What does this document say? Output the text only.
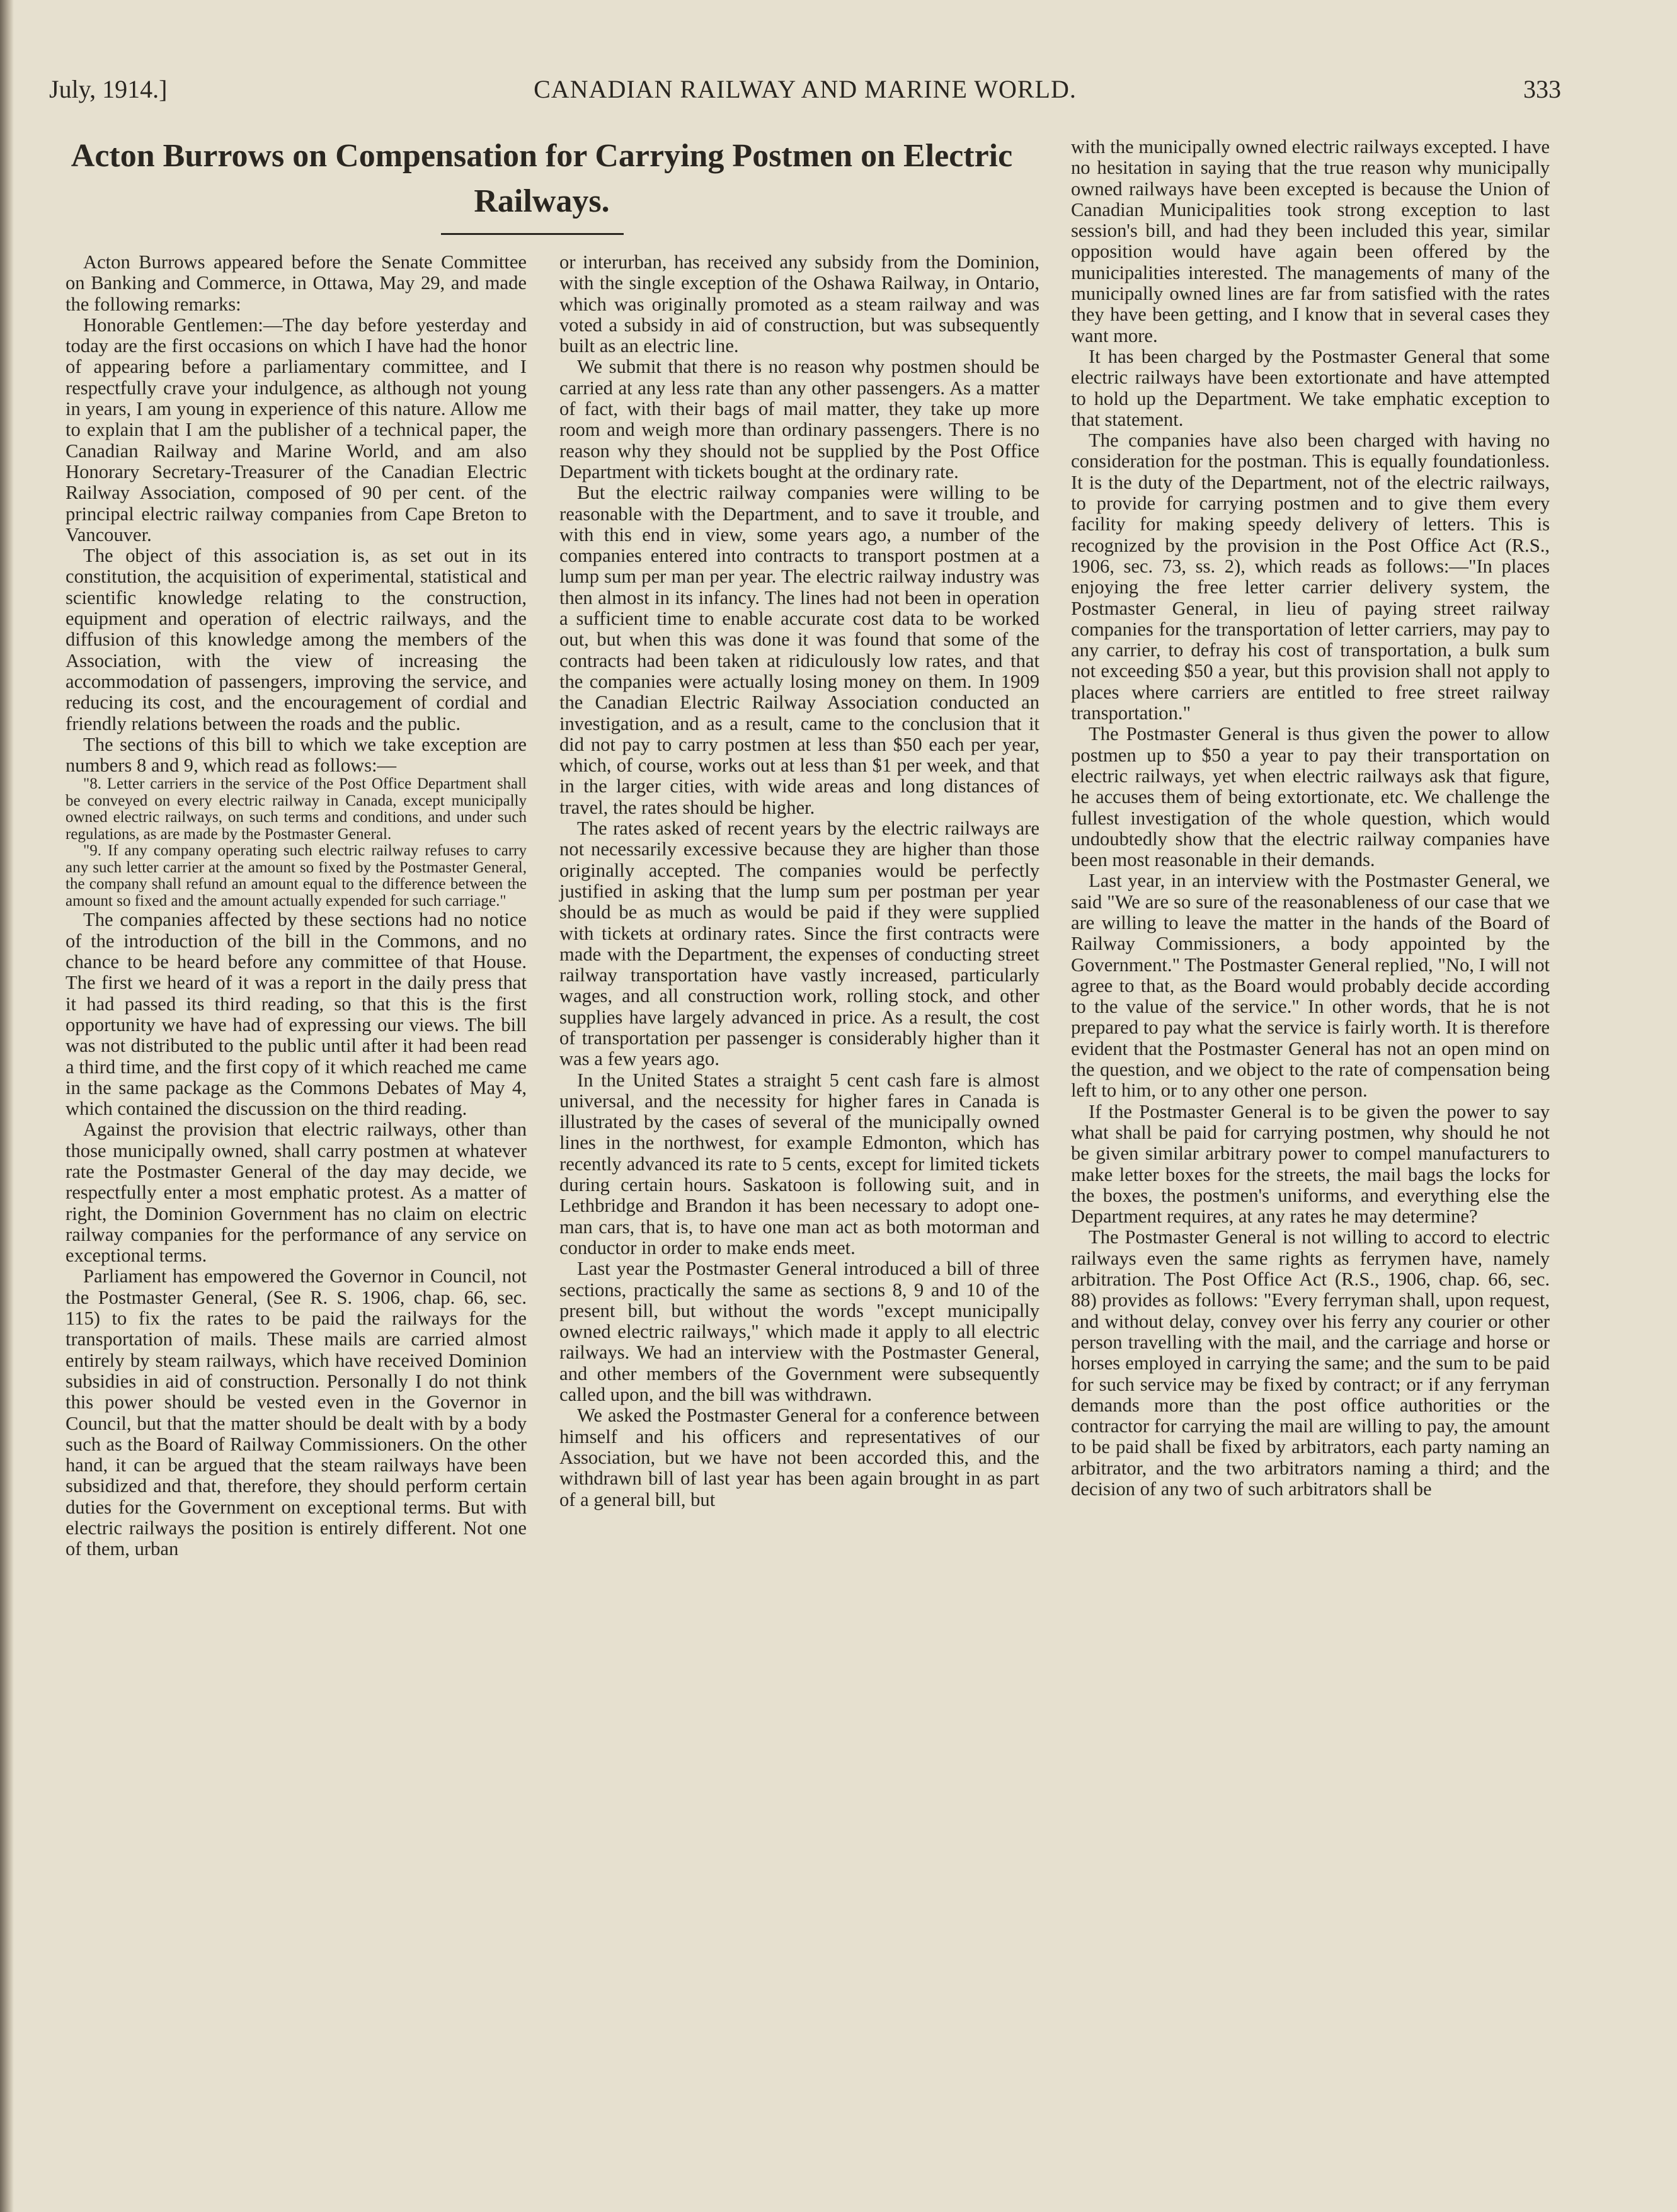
July, 1914.]	CANADIAN RAILWAY AND MARINE WORLD.	333
Acton Burrows on Compensation for Carrying Postmen on Electric Railways.

Acton Burrows appeared before the Senate Committee on Banking and Commerce, in Ottawa, May 29, and made the following remarks:

Honorable Gentlemen:—The day before yesterday and today are the first occasions on which I have had the honor of appearing before a parliamentary committee, and I respectfully crave your indulgence, as although not young in years, I am young in experience of this nature. Allow me to explain that I am the publisher of a technical paper, the Canadian Railway and Marine World, and am also Honorary Secretary-Treasurer of the Canadian Electric Railway Association, composed of 90 per cent. of the principal electric railway companies from Cape Breton to Vancouver.

The object of this association is, as set out in its constitution, the acquisition of experimental, statistical and scientific knowledge relating to the construction, equipment and operation of electric railways, and the diffusion of this knowledge among the members of the Association, with the view of increasing the accommodation of passengers, improving the service, and reducing its cost, and the encouragement of cordial and friendly relations between the roads and the public.

The sections of this bill to which we take exception are numbers 8 and 9, which read as follows:—

"8. Letter carriers in the service of the Post Office Department shall be conveyed on every electric railway in Canada, except municipally owned electric railways, on such terms and conditions, and under such regulations, as are made by the Postmaster General.

"9. If any company operating such electric railway refuses to carry any such letter carrier at the amount so fixed by the Postmaster General, the company shall refund an amount equal to the difference between the amount so fixed and the amount actually expended for such carriage."

The companies affected by these sections had no notice of the introduction of the bill in the Commons, and no chance to be heard before any committee of that House. The first we heard of it was a report in the daily press that it had passed its third reading, so that this is the first opportunity we have had of expressing our views. The bill was not distributed to the public until after it had been read a third time, and the first copy of it which reached me came in the same package as the Commons Debates of May 4, which contained the discussion on the third reading.

Against the provision that electric railways, other than those municipally owned, shall carry postmen at whatever rate the Postmaster General of the day may decide, we respectfully enter a most emphatic protest. As a matter of right, the Dominion Government has no claim on electric railway companies for the performance of any service on exceptional terms.

Parliament has empowered the Governor in Council, not the Postmaster General, (See R. S. 1906, chap. 66, sec. 115) to fix the rates to be paid the railways for the transportation of mails. These mails are carried almost entirely by steam railways, which have received Dominion subsidies in aid of construction. Personally I do not think this power should be vested even in the Governor in Council, but that the matter should be dealt with by a body such as the Board of Railway Commissioners. On the other hand, it can be argued that the steam railways have been subsidized and that, therefore, they should perform certain duties for the Government on exceptional terms. But with electric railways the position is entirely different. Not one of them, urban

or interurban, has received any subsidy from the Dominion, with the single exception of the Oshawa Railway, in Ontario, which was originally promoted as a steam railway and was voted a subsidy in aid of construction, but was subsequently built as an electric line.

We submit that there is no reason why postmen should be carried at any less rate than any other passengers. As a matter of fact, with their bags of mail matter, they take up more room and weigh more than ordinary passengers. There is no reason why they should not be supplied by the Post Office Department with tickets bought at the ordinary rate.

But the electric railway companies were willing to be reasonable with the Department, and to save it trouble, and with this end in view, some years ago, a number of the companies entered into contracts to transport postmen at a lump sum per man per year. The electric railway industry was then almost in its infancy. The lines had not been in operation a sufficient time to enable accurate cost data to be worked out, but when this was done it was found that some of the contracts had been taken at ridiculously low rates, and that the companies were actually losing money on them. In 1909 the Canadian Electric Railway Association conducted an investigation, and as a result, came to the conclusion that it did not pay to carry postmen at less than $50 each per year, which, of course, works out at less than $1 per week, and that in the larger cities, with wide areas and long distances of travel, the rates should be higher.

The rates asked of recent years by the electric railways are not necessarily excessive because they are higher than those originally accepted. The companies would be perfectly justified in asking that the lump sum per postman per year should be as much as would be paid if they were supplied with tickets at ordinary rates. Since the first contracts were made with the Department, the expenses of conducting street railway transportation have vastly increased, particularly wages, and all construction work, rolling stock, and other supplies have largely advanced in price. As a result, the cost of transportation per passenger is considerably higher than it was a few years ago.

In the United States a straight 5 cent cash fare is almost universal, and the necessity for higher fares in Canada is illustrated by the cases of several of the municipally owned lines in the northwest, for example Edmonton, which has recently advanced its rate to 5 cents, except for limited tickets during certain hours. Saskatoon is following suit, and in Lethbridge and Brandon it has been necessary to adopt one-man cars, that is, to have one man act as both motorman and conductor in order to make ends meet.

Last year the Postmaster General introduced a bill of three sections, practically the same as sections 8, 9 and 10 of the present bill, but without the words "except municipally owned electric railways," which made it apply to all electric railways. We had an interview with the Postmaster General, and other members of the Government were subsequently called upon, and the bill was withdrawn.

We asked the Postmaster General for a conference between himself and his officers and representatives of our Association, but we have not been accorded this, and the withdrawn bill of last year has been again brought in as part of a general bill, but

with the municipally owned electric railways excepted. I have no hesitation in saying that the true reason why municipally owned railways have been excepted is because the Union of Canadian Municipalities took strong exception to last session's bill, and had they been included this year, similar opposition would have again been offered by the municipalities interested. The managements of many of the municipally owned lines are far from satisfied with the rates they have been getting, and I know that in several cases they want more.

It has been charged by the Postmaster General that some electric railways have been extortionate and have attempted to hold up the Department. We take emphatic exception to that statement.

The companies have also been charged with having no consideration for the postman. This is equally foundationless. It is the duty of the Department, not of the electric railways, to provide for carrying postmen and to give them every facility for making speedy delivery of letters. This is recognized by the provision in the Post Office Act (R.S., 1906, sec. 73, ss. 2), which reads as follows:—"In places enjoying the free letter carrier delivery system, the Postmaster General, in lieu of paying street railway companies for the transportation of letter carriers, may pay to any carrier, to defray his cost of transportation, a bulk sum not exceeding $50 a year, but this provision shall not apply to places where carriers are entitled to free street railway transportation."

The Postmaster General is thus given the power to allow postmen up to $50 a year to pay their transportation on electric railways, yet when electric railways ask that figure, he accuses them of being extortionate, etc. We challenge the fullest investigation of the whole question, which would undoubtedly show that the electric railway companies have been most reasonable in their demands.

Last year, in an interview with the Postmaster General, we said "We are so sure of the reasonableness of our case that we are willing to leave the matter in the hands of the Board of Railway Commissioners, a body appointed by the Government." The Postmaster General replied, "No, I will not agree to that, as the Board would probably decide according to the value of the service." In other words, that he is not prepared to pay what the service is fairly worth. It is therefore evident that the Postmaster General has not an open mind on the question, and we object to the rate of compensation being left to him, or to any other one person.

If the Postmaster General is to be given the power to say what shall be paid for carrying postmen, why should he not be given similar arbitrary power to compel manufacturers to make letter boxes for the streets, the mail bags the locks for the boxes, the postmen's uniforms, and everything else the Department requires, at any rates he may determine?

The Postmaster General is not willing to accord to electric railways even the same rights as ferrymen have, namely arbitration. The Post Office Act (R.S., 1906, chap. 66, sec. 88) provides as follows: "Every ferryman shall, upon request, and without delay, convey over his ferry any courier or other person travelling with the mail, and the carriage and horse or horses employed in carrying the same; and the sum to be paid for such service may be fixed by contract; or if any ferryman demands more than the post office authorities or the contractor for carrying the mail are willing to pay, the amount to be paid shall be fixed by arbitrators, each party naming an arbitrator, and the two arbitrators naming a third; and the decision of any two of such arbitrators shall be
